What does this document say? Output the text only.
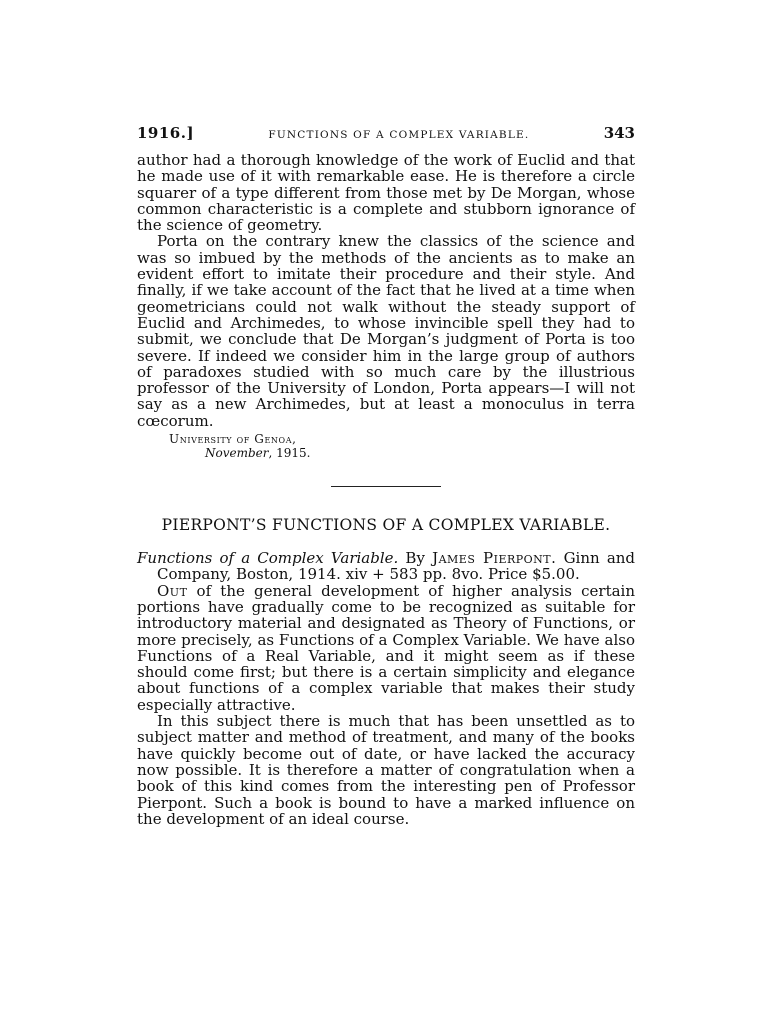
1916.]	FUNCTIONS OF A COMPLEX VARIABLE.	343

author had a thorough knowledge of the work of Euclid and that he made use of it with remarkable ease. He is therefore a circle squarer of a type different from those met by De Morgan, whose common characteristic is a complete and stubborn ignorance of the science of geometry.

Porta on the contrary knew the classics of the science and was so imbued by the methods of the ancients as to make an evident effort to imitate their procedure and their style. And finally, if we take account of the fact that he lived at a time when geometricians could not walk without the steady support of Euclid and Archimedes, to whose invincible spell they had to submit, we conclude that De Morgan’s judgment of Porta is too severe. If indeed we consider him in the large group of authors of paradoxes studied with so much care by the illustrious professor of the University of London, Porta appears—I will not say as a new Archimedes, but at least a monoculus in terra cœcorum.

University of Genoa,
November, 1915.
PIERPONT’S FUNCTIONS OF A COMPLEX VARIABLE.

Functions of a Complex Variable. By James Pierpont. Ginn and Company, Boston, 1914. xiv + 583 pp. 8vo. Price $5.00.

Out of the general development of higher analysis certain portions have gradually come to be recognized as suitable for introductory material and designated as Theory of Functions, or more precisely, as Functions of a Complex Variable. We have also Functions of a Real Variable, and it might seem as if these should come first; but there is a certain simplicity and elegance about functions of a complex variable that makes their study especially attractive.

In this subject there is much that has been unsettled as to subject matter and method of treatment, and many of the books have quickly become out of date, or have lacked the accuracy now possible. It is therefore a matter of congratulation when a book of this kind comes from the interesting pen of Professor Pierpont. Such a book is bound to have a marked influence on the development of an ideal course.
